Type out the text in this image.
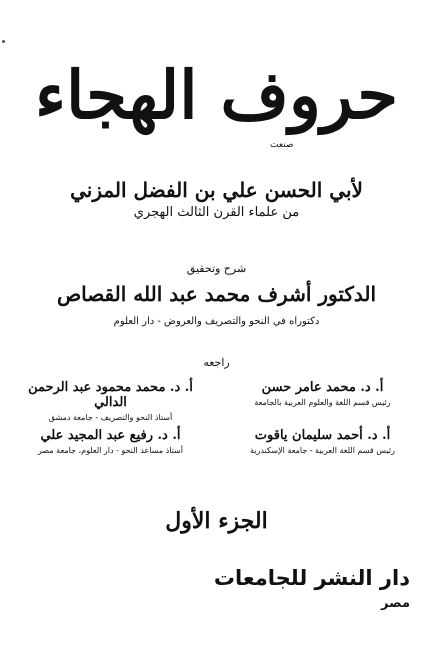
حروف الهجاء
صنعت
لأبي الحسن علي بن الفضل المزني
من علماء القرن الثالث الهجري
شرح وتحقيق
الدكتور أشرف محمد عبد الله القصاص
دكتوراه في النحو والتصريف والعروض - دار العلوم
راجعه
أ. د. محمد عامر حسن
رئيس قسم اللغة والعلوم العربية بالجامعة
أ. د. محمد محمود عبد الرحمن الدالي
أستاذ النحو والتصريف - جامعة دمشق
أ. د. أحمد سليمان ياقوت
رئيس قسم اللغة العربية - جامعة الإسكندرية
أ. د. رفيع عبد المجيد علي
أستاذ مساعد النحو - دار العلوم، جامعة مصر
الجزء الأول
دار النشر للجامعات
مصر
